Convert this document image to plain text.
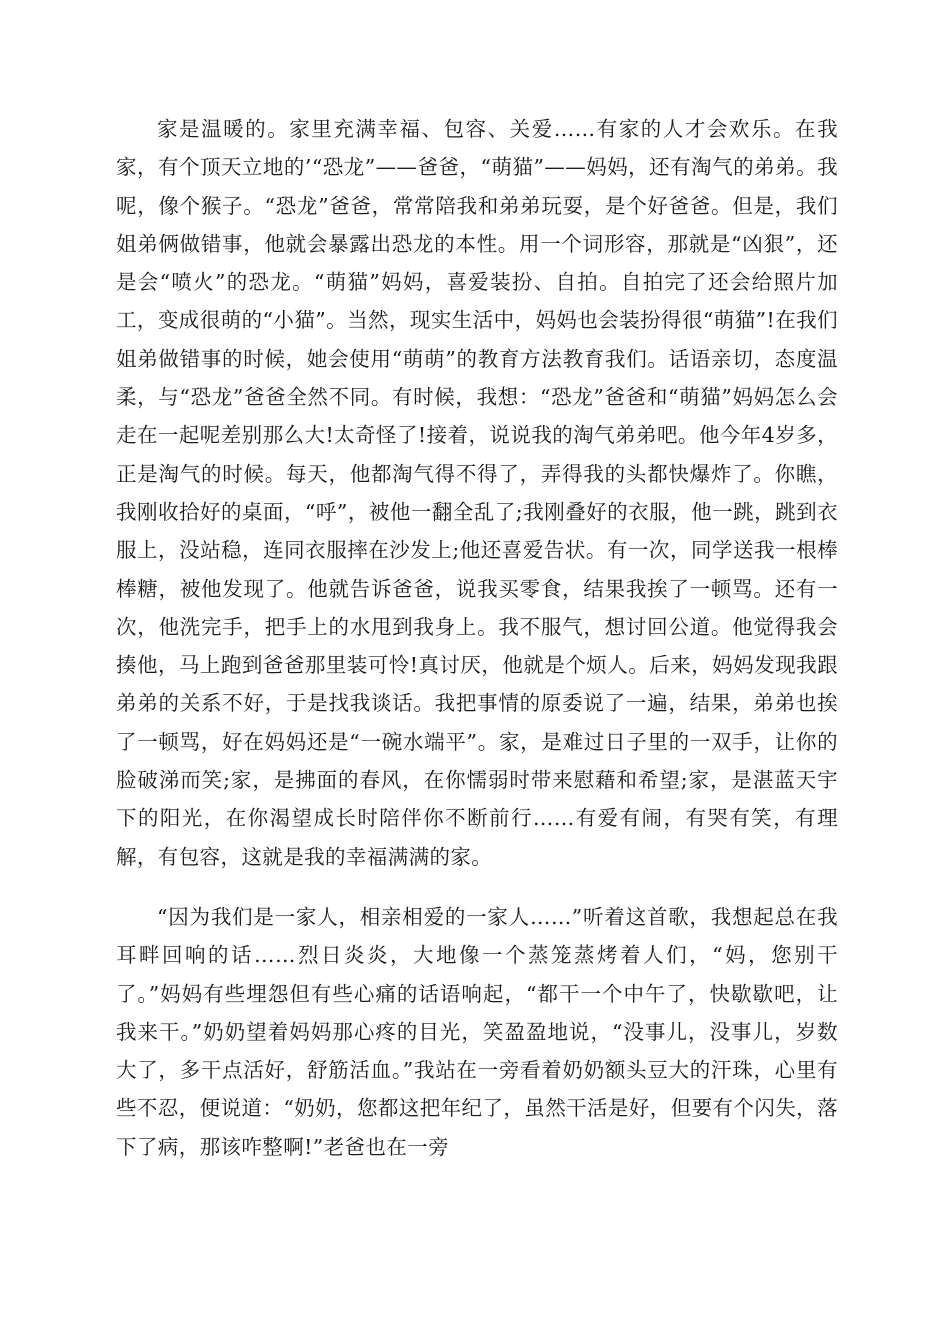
家是温暖的。家里充满幸福、包容、关爱……有家的人才会欢乐。在我家，有个顶天立地的’“恐龙”——爸爸，“萌猫”——妈妈，还有淘气的弟弟。我呢，像个猴子。“恐龙”爸爸，常常陪我和弟弟玩耍，是个好爸爸。但是，我们姐弟俩做错事，他就会暴露出恐龙的本性。用一个词形容，那就是“凶狠”，还是会“喷火”的恐龙。“萌猫”妈妈，喜爱装扮、自拍。自拍完了还会给照片加工，变成很萌的“小猫”。当然，现实生活中，妈妈也会装扮得很“萌猫”!在我们姐弟做错事的时候，她会使用“萌萌”的教育方法教育我们。话语亲切，态度温柔，与“恐龙”爸爸全然不同。有时候，我想：“恐龙”爸爸和“萌猫”妈妈怎么会走在一起呢差别那么大!太奇怪了!接着，说说我的淘气弟弟吧。他今年4岁多，正是淘气的时候。每天，他都淘气得不得了，弄得我的头都快爆炸了。你瞧，我刚收拾好的桌面，“呼”，被他一翻全乱了;我刚叠好的衣服，他一跳，跳到衣服上，没站稳，连同衣服摔在沙发上;他还喜爱告状。有一次，同学送我一根棒棒糖，被他发现了。他就告诉爸爸，说我买零食，结果我挨了一顿骂。还有一次，他洗完手，把手上的水甩到我身上。我不服气，想讨回公道。他觉得我会揍他，马上跑到爸爸那里装可怜!真讨厌，他就是个烦人。后来，妈妈发现我跟弟弟的关系不好，于是找我谈话。我把事情的原委说了一遍，结果，弟弟也挨了一顿骂，好在妈妈还是“一碗水端平”。家，是难过日子里的一双手，让你的脸破涕而笑;家，是拂面的春风，在你懦弱时带来慰藉和希望;家，是湛蓝天宇下的阳光，在你渴望成长时陪伴你不断前行……有爱有闹，有哭有笑，有理解，有包容，这就是我的幸福满满的家。

“因为我们是一家人，相亲相爱的一家人……”听着这首歌，我想起总在我耳畔回响的话……烈日炎炎，大地像一个蒸笼蒸烤着人们，“妈，您别干了。”妈妈有些埋怨但有些心痛的话语响起，“都干一个中午了，快歇歇吧，让我来干。”奶奶望着妈妈那心疼的目光，笑盈盈地说，“没事儿，没事儿，岁数大了，多干点活好，舒筋活血。”我站在一旁看着奶奶额头豆大的汗珠，心里有些不忍，便说道：“奶奶，您都这把年纪了，虽然干活是好，但要有个闪失，落下了病，那该咋整啊!”老爸也在一旁
